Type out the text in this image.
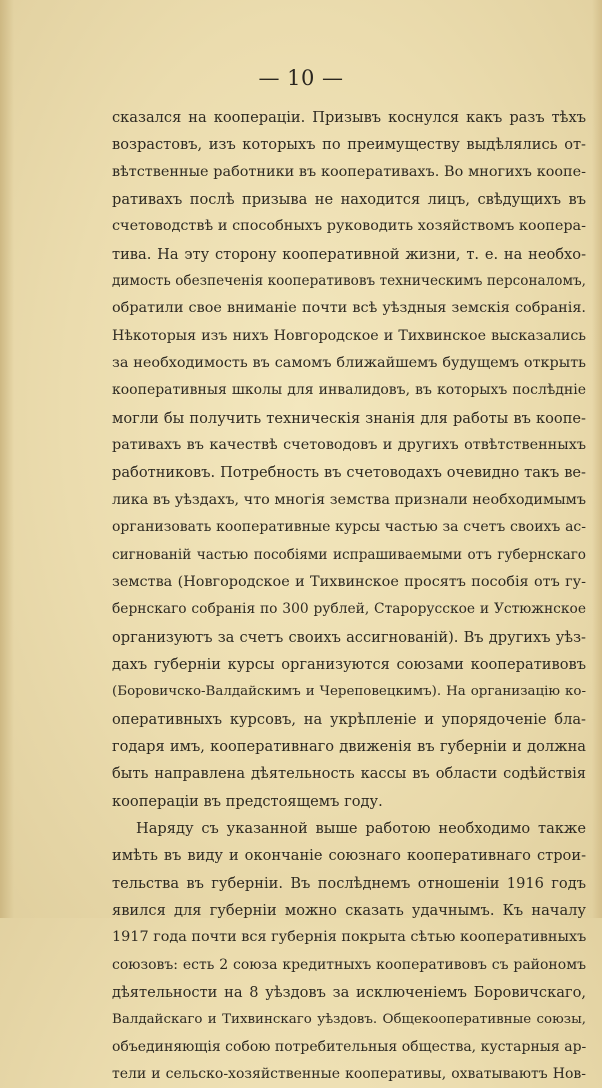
— 10 —
сказался на кооперацiи. Призывъ коснулся какъ разъ тѣхъ
возрастовъ, изъ которыхъ по преимуществу выдѣлялись от-
вѣтственные работники въ кооперативахъ. Во многихъ коопе-
ративахъ послѣ призыва не находится лицъ, свѣдущихъ въ
счетоводствѣ и способныхъ руководить хозяйствомъ коопера-
тива. На эту сторону кооперативной жизни, т. е. на необхо-
димость обезпеченiя кооперативовъ техническимъ персоналомъ,
обратили свое вниманiе почти всѣ уѣздныя земскiя собранiя.
Нѣкоторыя изъ нихъ Новгородское и Тихвинское высказались
за необходимость въ самомъ ближайшемъ будущемъ открыть
кооперативныя школы для инвалидовъ, въ которыхъ послѣднiе
могли бы получить техническiя знанiя для работы въ коопе-
ративахъ въ качествѣ счетоводовъ и другихъ отвѣтственныхъ
работниковъ. Потребность въ счетоводахъ очевидно такъ ве-
лика въ уѣздахъ, что многiя земства признали необходимымъ
организовать кооперативные курсы частью за счетъ своихъ ас-
сигнованiй частью пособiями испрашиваемыми отъ губернскаго
земства (Новгородское и Тихвинское просятъ пособiя отъ гу-
бернскаго собранiя по 300 рублей, Старорусское и Устюжнское
организуютъ за счетъ своихъ ассигнованiй). Въ другихъ уѣз-
дахъ губернiи курсы организуются союзами кооперативовъ
(Боровичско-Валдайскимъ и Череповецкимъ). На организацiю ко-
оперативныхъ курсовъ, на укрѣпленiе и упорядоченiе бла-
годаря имъ, кооперативнаго движенiя въ губернiи и должна
быть направлена дѣятельность кассы въ области содѣйствiя
кооперацiи въ предстоящемъ году.
Наряду съ указанной выше работою необходимо также
имѣть въ виду и окончанiе союзнаго кооперативнаго строи-
тельства въ губернiи. Въ послѣднемъ отношенiи 1916 годъ
явился для губернiи можно сказать удачнымъ. Къ началу
1917 года почти вся губернiя покрыта сѣтью кооперативныхъ
союзовъ: есть 2 союза кредитныхъ кооперативовъ съ райономъ
дѣятельности на 8 уѣздовъ за исключенiемъ Боровичскаго,
Валдайскаго и Тихвинскаго уѣздовъ. Общекооперативные союзы,
объединяющiя собою потребительныя общества, кустарныя ар-
тели и сельско-хозяйственные кооперативы, охватываютъ Нов-
